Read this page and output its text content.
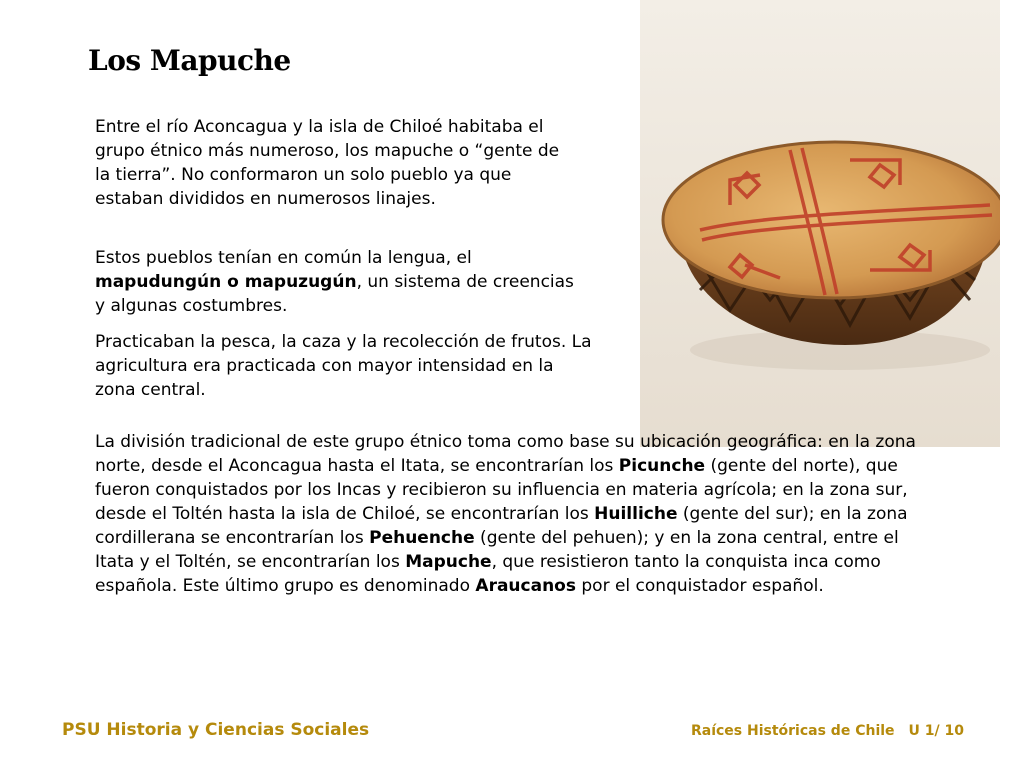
Los Mapuche

Entre el río Aconcagua y la isla de Chiloé habitaba el grupo étnico más numeroso, los mapuche o “gente de la tierra”. No conformaron un solo pueblo ya que estaban divididos en numerosos linajes.

Estos pueblos tenían en común la lengua, el mapudungún o mapuzugún, un sistema de creencias y algunas costumbres.

Practicaban la pesca, la caza y la recolección de frutos. La agricultura era practicada con mayor intensidad en la zona central.

La división tradicional de este grupo étnico toma como base su ubicación geográfica: en la zona norte, desde el Aconcagua hasta el Itata, se encontrarían los Picunche (gente del norte), que fueron conquistados por los Incas y recibieron su influencia en materia agrícola; en la zona sur, desde el Toltén hasta la isla de Chiloé, se encontrarían los Huilliche (gente del sur); en la zona cordillerana se encontrarían los Pehuenche (gente del pehuen); y en la zona central, entre el Itata y el Toltén, se encontrarían los Mapuche, que resistieron tanto la conquista inca como española. Este último grupo es denominado Araucanos por el conquistador español.

PSU Historia y Ciencias Sociales	Raíces Históricas de Chile U 1/ 10
